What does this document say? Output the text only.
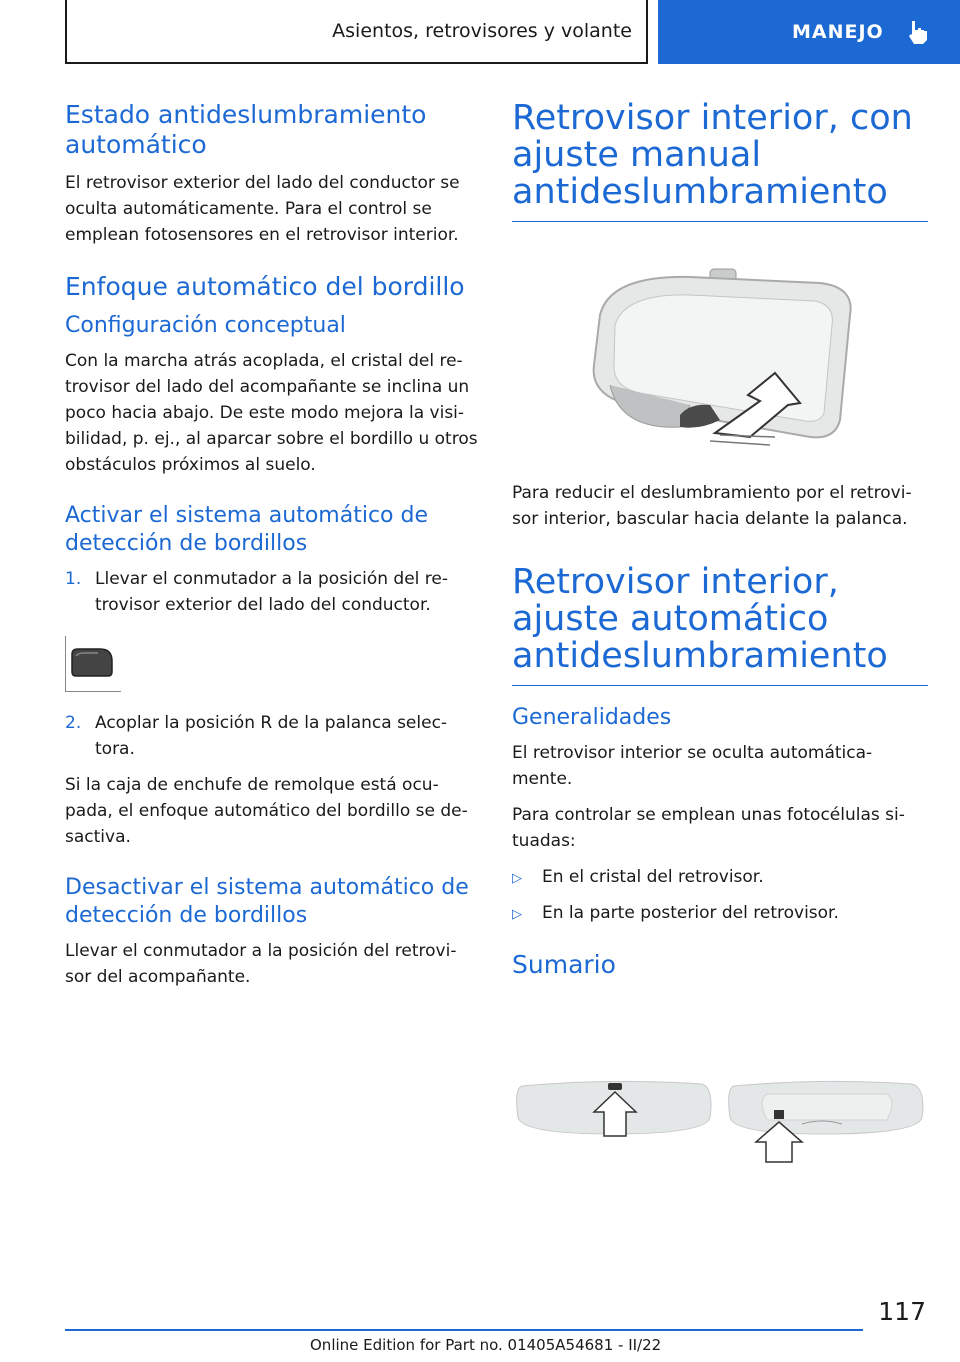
Asientos, retrovisores y volante	MANEJO
Estado antideslumbramiento automático

El retrovisor exterior del lado del conductor se oculta automáticamente. Para el control se emplean fotosensores en el retrovisor interior.

Enfoque automático del bordillo
Configuración conceptual

Con la marcha atrás acoplada, el cristal del re-trovisor del lado del acompañante se inclina un poco hacia abajo. De este modo mejora la visi-bilidad, p. ej., al aparcar sobre el bordillo u otros obstáculos próximos al suelo.

Activar el sistema automático de detección de bordillos
1. Llevar el conmutador a la posición del re-trovisor exterior del lado del conductor.
2. Acoplar la posición R de la palanca selec-tora.

Si la caja de enchufe de remolque está ocu-pada, el enfoque automático del bordillo se de-sactiva.

Desactivar el sistema automático de detección de bordillos

Llevar el conmutador a la posición del retrovi-sor del acompañante.

Retrovisor interior, con ajuste manual antideslumbramiento

Para reducir el deslumbramiento por el retrovi-sor interior, bascular hacia delante la palanca.

Retrovisor interior, ajuste automático antideslumbramiento
Generalidades

El retrovisor interior se oculta automática-mente.

Para controlar se emplean unas fotocélulas si-tuadas:

▷	En el cristal del retrovisor.
▷	En la parte posterior del retrovisor.
Sumario
117
Online Edition for Part no. 01405A54681 - II/22
